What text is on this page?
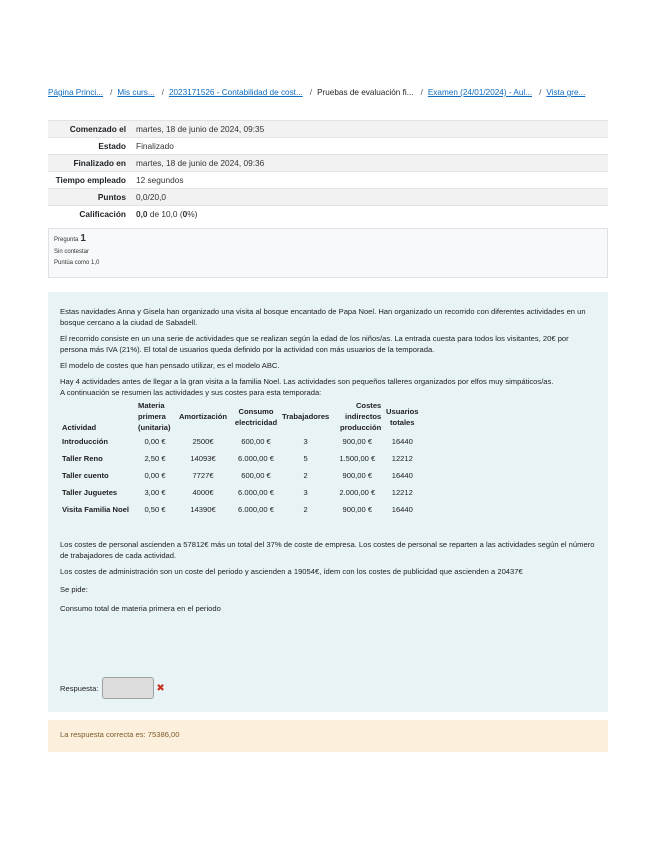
Página Princi... / Mis curs... / 2023171526 - Contabilidad de cost... / Pruebas de evaluación fi... / Examen (24/01/2024) - Aul... / Vista gre...
Comenzado el	martes, 18 de junio de 2024, 09:35
Estado	Finalizado
Finalizado en	martes, 18 de junio de 2024, 09:36
Tiempo empleado	12 segundos
Puntos	0,0/20,0
Calificación	0,0 de 10,0 (0%)
Pregunta 1
Sin contestar
Puntúa como 1,0

Estas navidades Anna y Gisela han organizado una visita al bosque encantado de Papa Noel. Han organizado un recorrido con diferentes actividades en un bosque cercano a la ciudad de Sabadell.

El recorrido consiste en un una serie de actividades que se realizan según la edad de los niños/as. La entrada cuesta para todos los visitantes, 20€ por persona más IVA (21%). El total de usuarios queda definido por la actividad con más usuarios de la temporada.

El modelo de costes que han pensado utilizar, es el modelo ABC.

Hay 4 actividades antes de llegar a la gran visita a la familia Noel. Las actividades son pequeños talleres organizados por elfos muy simpáticos/as.

A continuación se resumen las actividades y sus costes para esta temporada:

Actividad	Materia primera (unitaria)	Amortización	Consumo electricidad	Trabajadores	Costes indirectos producción	Usuarios totales
Introducción	0,00 €	2500€	600,00 €	3	900,00 €	16440
Taller Reno	2,50 €	14093€	6.000,00 €	5	1.500,00 €	12212
Taller cuento	0,00 €	7727€	600,00 €	2	900,00 €	16440
Taller Juguetes	3,00 €	4000€	6.000,00 €	3	2.000,00 €	12212
Visita Familia Noel	0,50 €	14390€	6.000,00 €	2	900,00 €	16440

Los costes de personal ascienden a 57812€ más un total del 37% de coste de empresa. Los costes de personal se reparten a las actividades según el número de trabajadores de cada actividad.

Los costes de administración son un coste del periodo y ascienden a 19054€, ídem con los costes de publicidad que ascienden a 20437€

Se pide:

Consumo total de materia primera en el periodo

Respuesta:	✖
La respuesta correcta es: 75386,00
